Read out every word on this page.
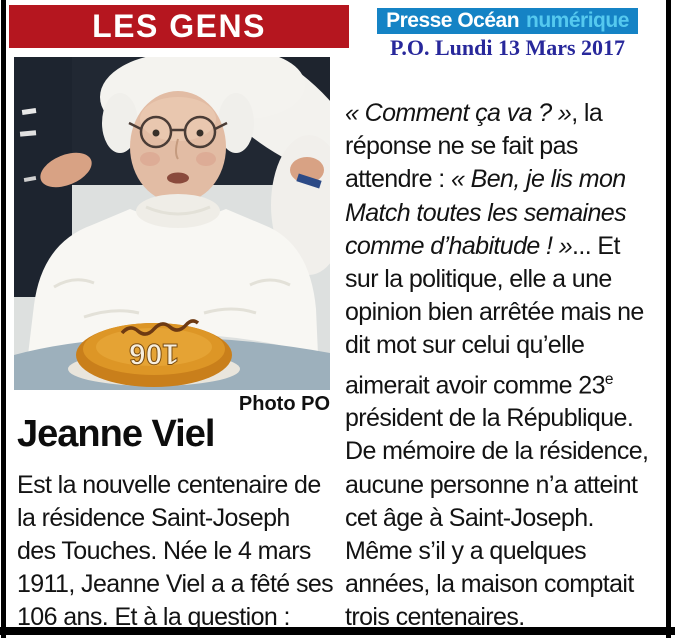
LES GENS	Presse Océan numérique
P.O. Lundi 13 Mars 2017
106
Photo PO
Jeanne Viel
Est la nouvelle centenaire de
la résidence Saint-Joseph
des Touches. Née le 4 mars
1911, Jeanne Viel a a fêté ses
106 ans. Et à la question :
« Comment ça va ? », la
réponse ne se fait pas
attendre : « Ben, je lis mon
Match toutes les semaines
comme d’habitude ! »... Et
sur la politique, elle a une
opinion bien arrêtée mais ne
dit mot sur celui qu’elle
aimerait avoir comme 23e
président de la République.
De mémoire de la résidence,
aucune personne n’a atteint
cet âge à Saint-Joseph.
Même s’il y a quelques
années, la maison comptait
trois centenaires.
